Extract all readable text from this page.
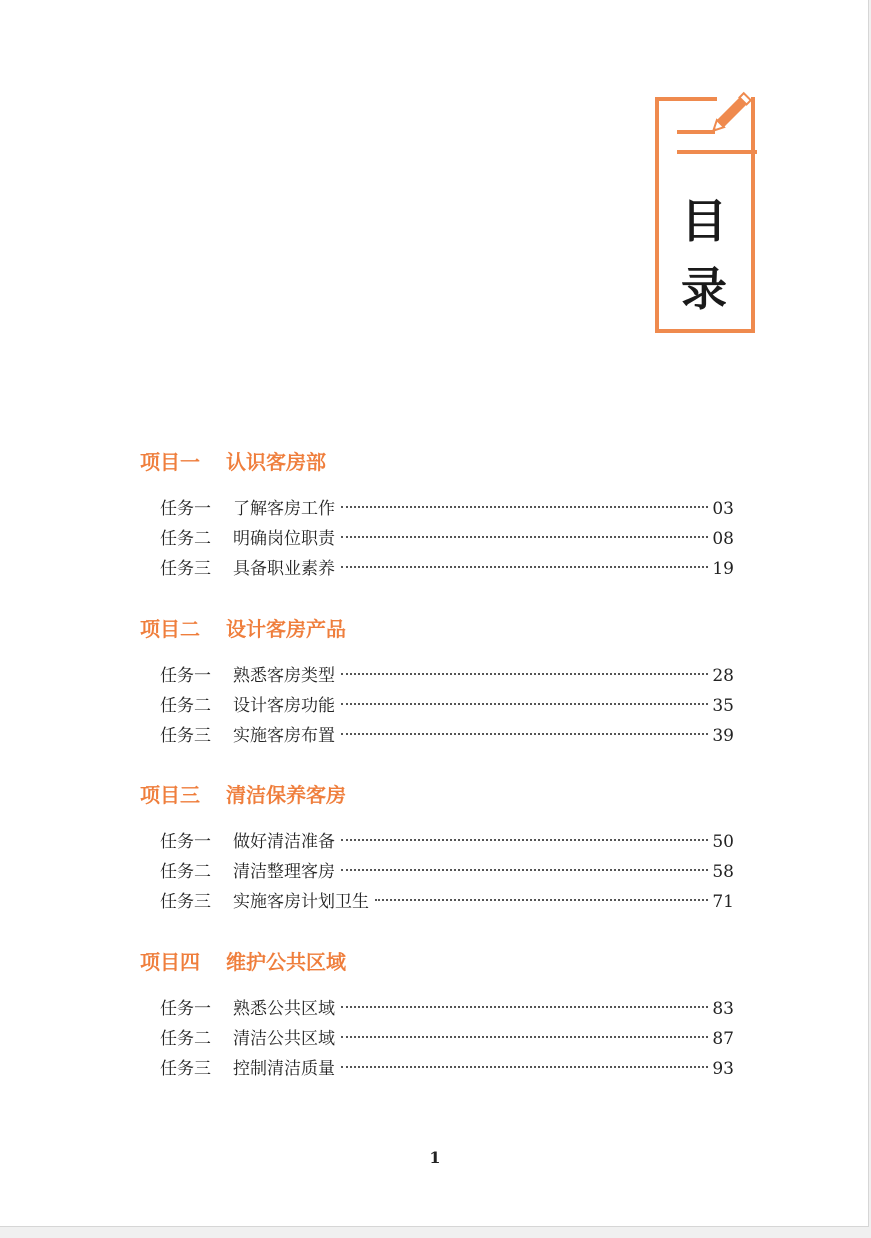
目
录
项目一 认识客房部
任务一	了解客房工作	03
任务二	明确岗位职责	08
任务三	具备职业素养	19
项目二 设计客房产品
任务一	熟悉客房类型	28
任务二	设计客房功能	35
任务三	实施客房布置	39
项目三 清洁保养客房
任务一	做好清洁准备	50
任务二	清洁整理客房	58
任务三	实施客房计划卫生	71
项目四 维护公共区域
任务一	熟悉公共区域	83
任务二	清洁公共区域	87
任务三	控制清洁质量	93
1
